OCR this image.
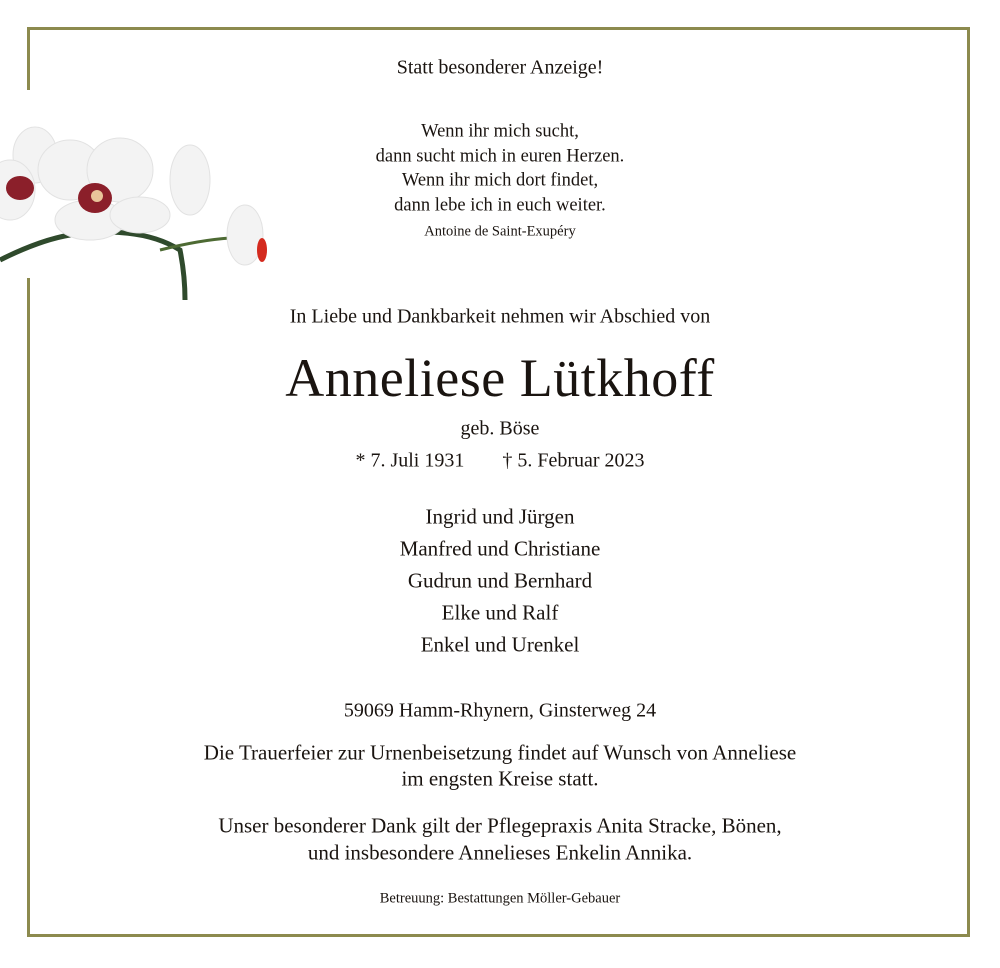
Statt besonderer Anzeige!
Wenn ihr mich sucht,
dann sucht mich in euren Herzen.
Wenn ihr mich dort findet,
dann lebe ich in euch weiter.
Antoine de Saint-Exupéry
In Liebe und Dankbarkeit nehmen wir Abschied von
Anneliese Lütkhoff
geb. Böse
* 7. Juli 1931 † 5. Februar 2023
Ingrid und Jürgen
Manfred und Christiane
Gudrun und Bernhard
Elke und Ralf
Enkel und Urenkel
59069 Hamm-Rhynern, Ginsterweg 24
Die Trauerfeier zur Urnenbeisetzung findet auf Wunsch von Anneliese
im engsten Kreise statt.
Unser besonderer Dank gilt der Pflegepraxis Anita Stracke, Bönen,
und insbesondere Annelieses Enkelin Annika.
Betreuung: Bestattungen Möller-Gebauer
